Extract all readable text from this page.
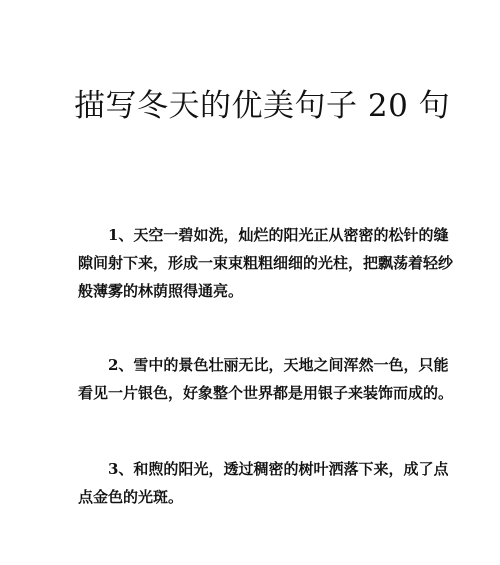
描写冬天的优美句子 20 句

1、天空一碧如洗，灿烂的阳光正从密密的松针的缝
隙间射下来，形成一束束粗粗细细的光柱，把飘荡着轻纱
般薄雾的林荫照得通亮。

2、雪中的景色壮丽无比，天地之间浑然一色，只能
看见一片银色，好象整个世界都是用银子来装饰而成的。

3、和煦的阳光，透过稠密的树叶洒落下来，成了点
点金色的光斑。
